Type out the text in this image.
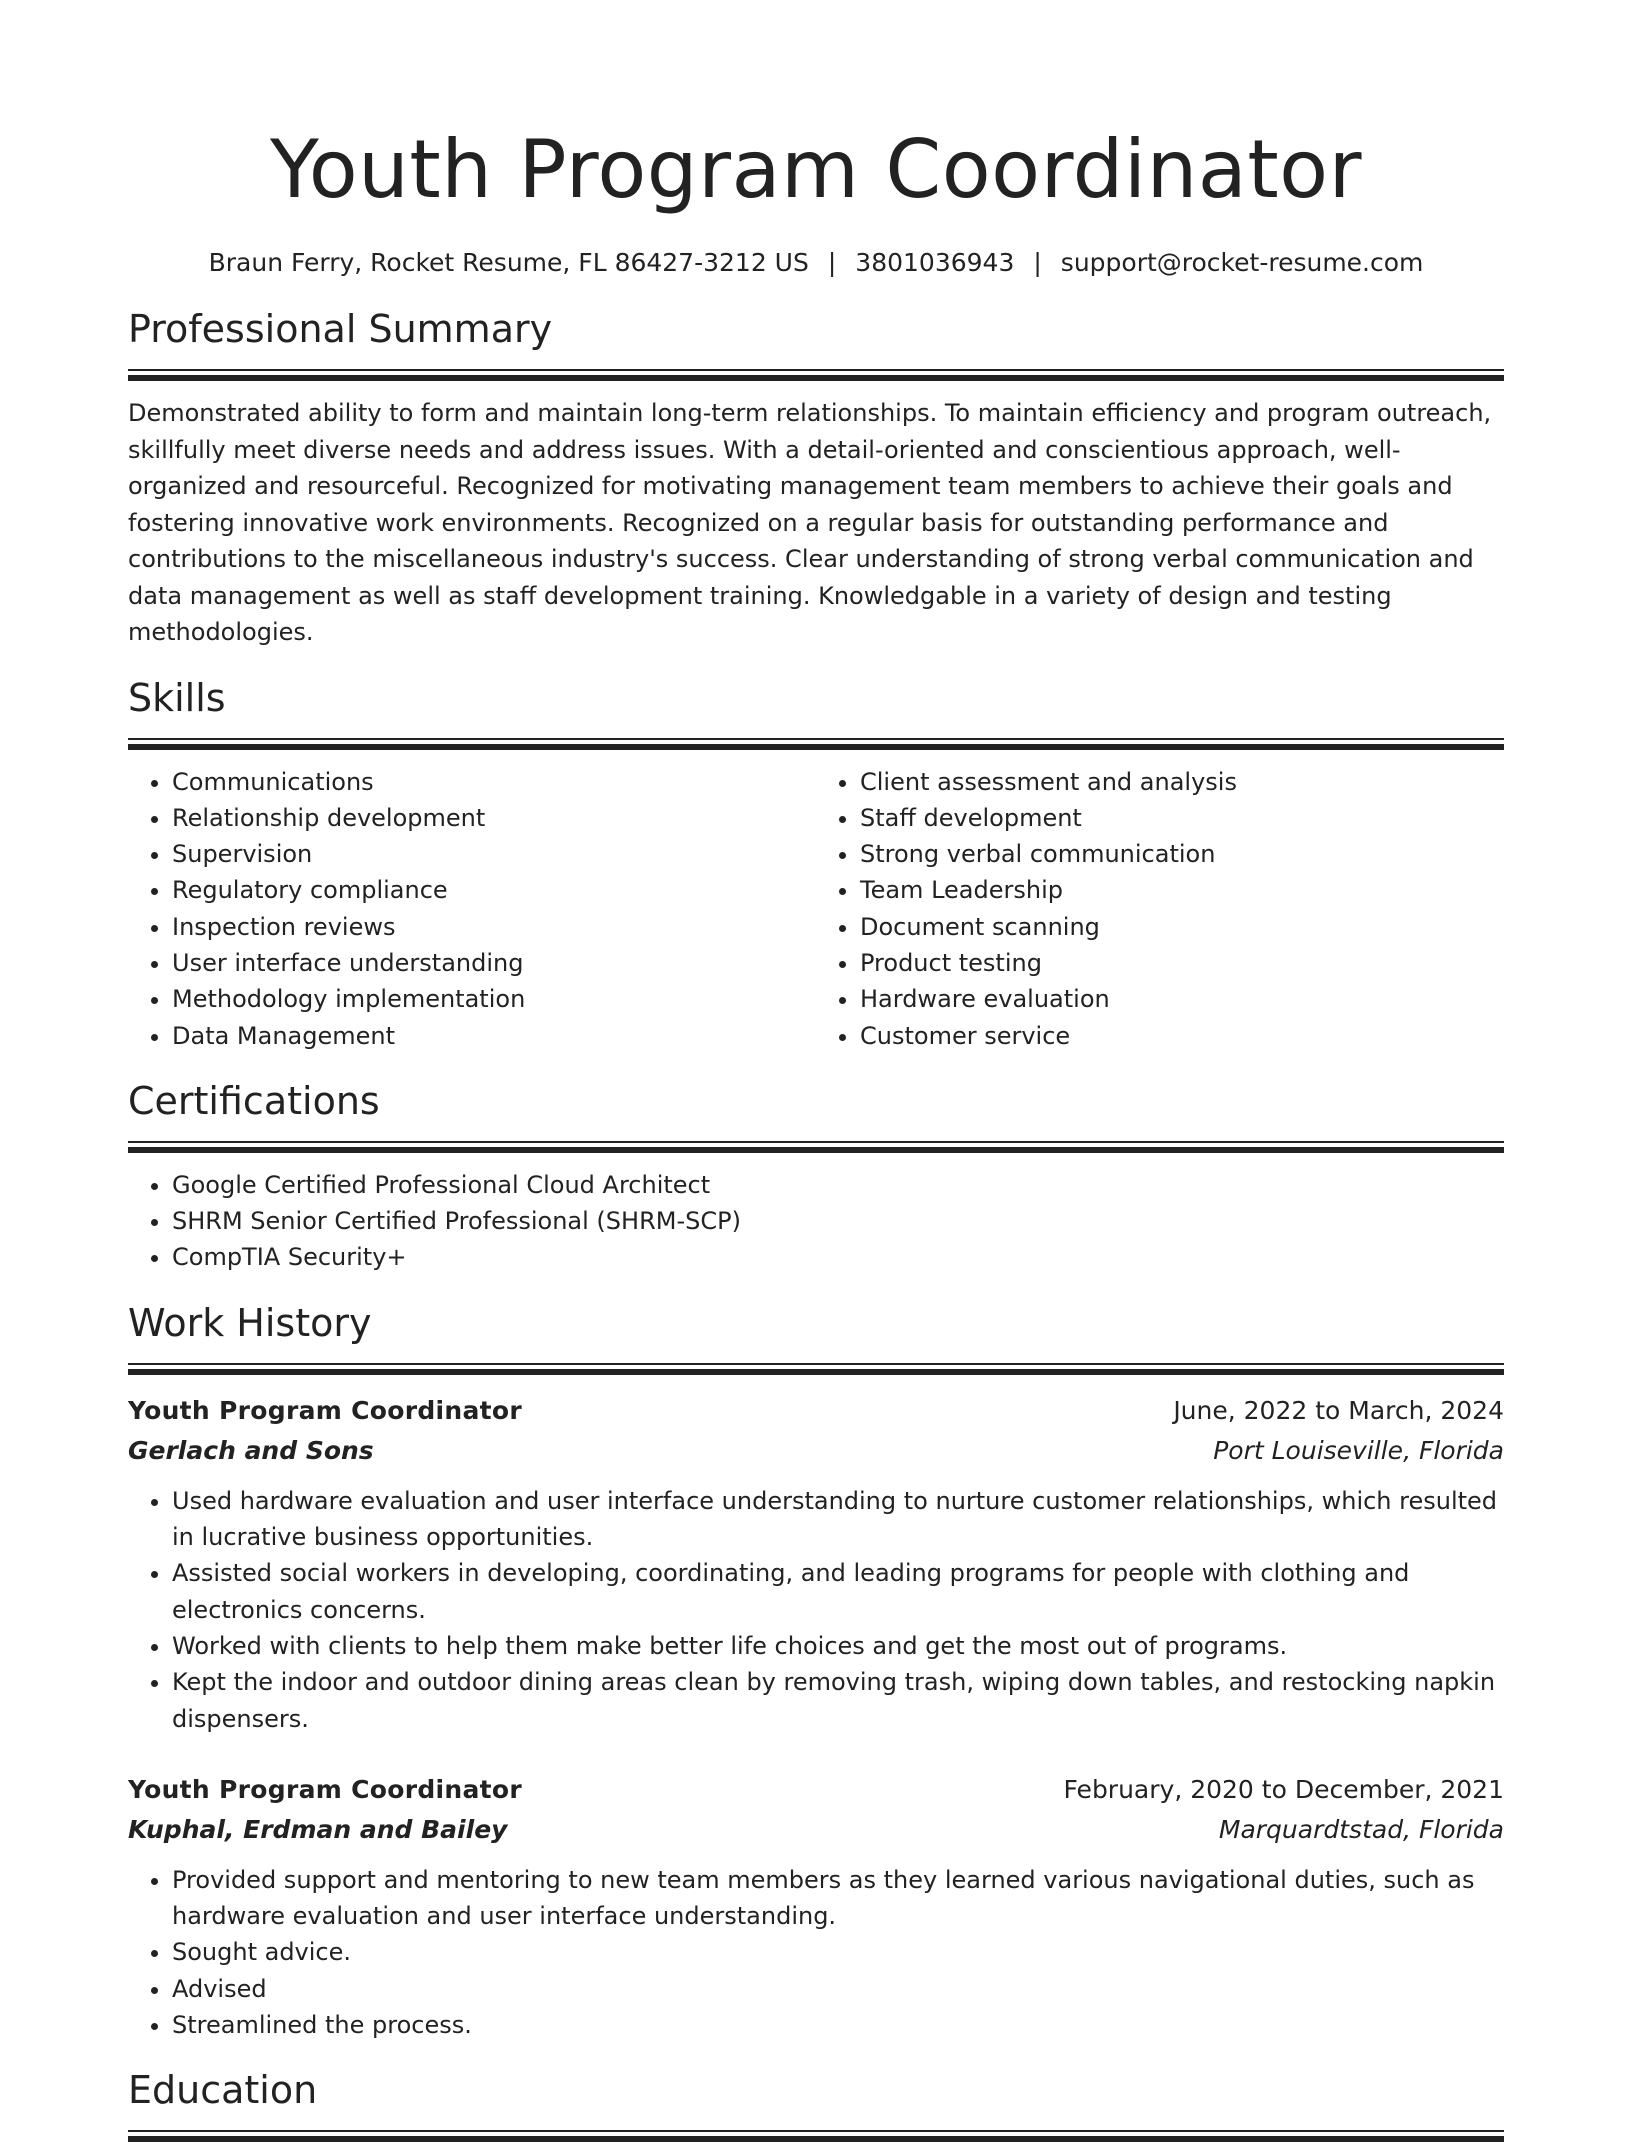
Youth Program Coordinator
Braun Ferry, Rocket Resume, FL 86427-3212 US | 3801036943 | support@rocket-resume.com
Professional Summary
Demonstrated ability to form and maintain long-term relationships. To maintain efficiency and program outreach, skillfully meet diverse needs and address issues. With a detail-oriented and conscientious approach, well-organized and resourceful. Recognized for motivating management team members to achieve their goals and fostering innovative work environments. Recognized on a regular basis for outstanding performance and contributions to the miscellaneous industry's success. Clear understanding of strong verbal communication and data management as well as staff development training. Knowledgable in a variety of design and testing methodologies.
Skills
• Communications
• Relationship development
• Supervision
• Regulatory compliance
• Inspection reviews
• User interface understanding
• Methodology implementation
• Data Management
• Client assessment and analysis
• Staff development
• Strong verbal communication
• Team Leadership
• Document scanning
• Product testing
• Hardware evaluation
• Customer service
Certifications
• Google Certified Professional Cloud Architect
• SHRM Senior Certified Professional (SHRM-SCP)
• CompTIA Security+
Work History
Youth Program Coordinator	June, 2022 to March, 2024
Gerlach and Sons	Port Louiseville, Florida
• Used hardware evaluation and user interface understanding to nurture customer relationships, which resulted in lucrative business opportunities.
• Assisted social workers in developing, coordinating, and leading programs for people with clothing and electronics concerns.
• Worked with clients to help them make better life choices and get the most out of programs.
• Kept the indoor and outdoor dining areas clean by removing trash, wiping down tables, and restocking napkin dispensers.
Youth Program Coordinator	February, 2020 to December, 2021
Kuphal, Erdman and Bailey	Marquardtstad, Florida
• Provided support and mentoring to new team members as they learned various navigational duties, such as hardware evaluation and user interface understanding.
• Sought advice.
• Advised
• Streamlined the process.
Education
